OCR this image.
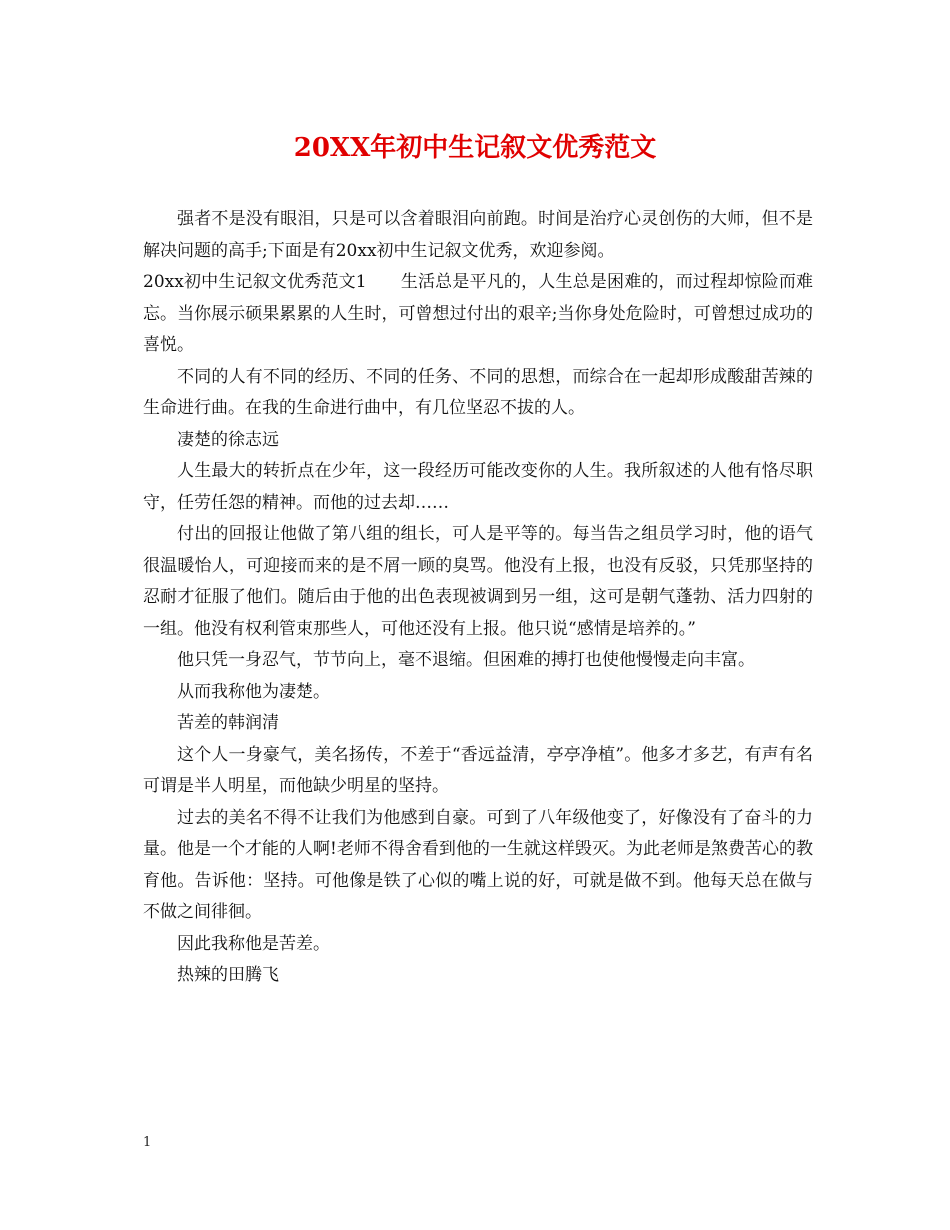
20XX年初中生记叙文优秀范文

强者不是没有眼泪，只是可以含着眼泪向前跑。时间是治疗心灵创伤的大师，但不是解决问题的高手;下面是有20xx初中生记叙文优秀，欢迎参阅。

20xx初中生记叙文优秀范文1 生活总是平凡的，人生总是困难的，而过程却惊险而难忘。当你展示硕果累累的人生时，可曾想过付出的艰辛;当你身处危险时，可曾想过成功的喜悦。

不同的人有不同的经历、不同的任务、不同的思想，而综合在一起却形成酸甜苦辣的生命进行曲。在我的生命进行曲中，有几位坚忍不拔的人。

凄楚的徐志远

人生最大的转折点在少年，这一段经历可能改变你的人生。我所叙述的人他有恪尽职守，任劳任怨的精神。而他的过去却……

付出的回报让他做了第八组的组长，可人是平等的。每当告之组员学习时，他的语气很温暖怡人，可迎接而来的是不屑一顾的臭骂。他没有上报，也没有反驳，只凭那坚持的忍耐才征服了他们。随后由于他的出色表现被调到另一组，这可是朝气蓬勃、活力四射的一组。他没有权利管束那些人，可他还没有上报。他只说“感情是培养的。”

他只凭一身忍气，节节向上，毫不退缩。但困难的搏打也使他慢慢走向丰富。

从而我称他为凄楚。

苦差的韩润清

这个人一身豪气，美名扬传，不差于“香远益清，亭亭净植”。他多才多艺，有声有名可谓是半人明星，而他缺少明星的坚持。

过去的美名不得不让我们为他感到自豪。可到了八年级他变了，好像没有了奋斗的力量。他是一个才能的人啊!老师不得舍看到他的一生就这样毁灭。为此老师是煞费苦心的教育他。告诉他：坚持。可他像是铁了心似的嘴上说的好，可就是做不到。他每天总在做与不做之间徘徊。

因此我称他是苦差。

热辣的田腾飞

1
